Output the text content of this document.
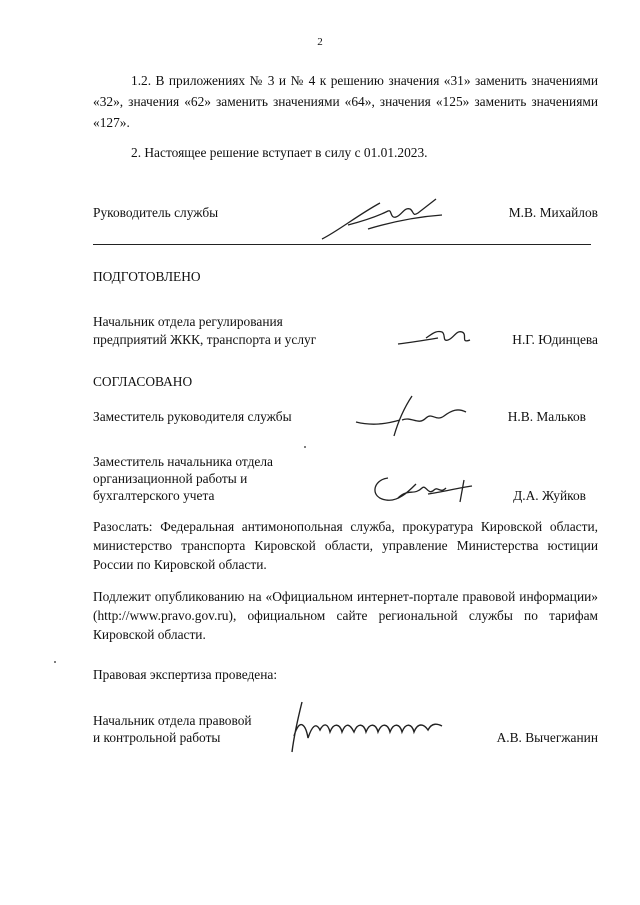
2
1.2. В приложениях № 3 и № 4 к решению значения «31» заменить значениями «32», значения «62» заменить значениями «64», значения «125» заменить значениями «127».
2. Настоящее решение вступает в силу с 01.01.2023.
Руководитель службы	М.В. Михайлов
ПОДГОТОВЛЕНО
Начальник отдела регулирования
предприятий ЖКК, транспорта и услуг	Н.Г. Юдинцева
СОГЛАСОВАНО
Заместитель руководителя службы	Н.В. Мальков
Заместитель начальника отдела
организационной работы и
бухгалтерского учета	Д.А. Жуйков
Разослать: Федеральная антимонопольная служба, прокуратура Кировской области, министерство транспорта Кировской области, управление Министерства юстиции России по Кировской области.
Подлежит опубликованию на «Официальном интернет-портале правовой информации» (http://www.pravo.gov.ru), официальном сайте региональной службы по тарифам Кировской области.
Правовая экспертиза проведена:
Начальник отдела правовой
и контрольной работы	А.В. Вычегжанин
